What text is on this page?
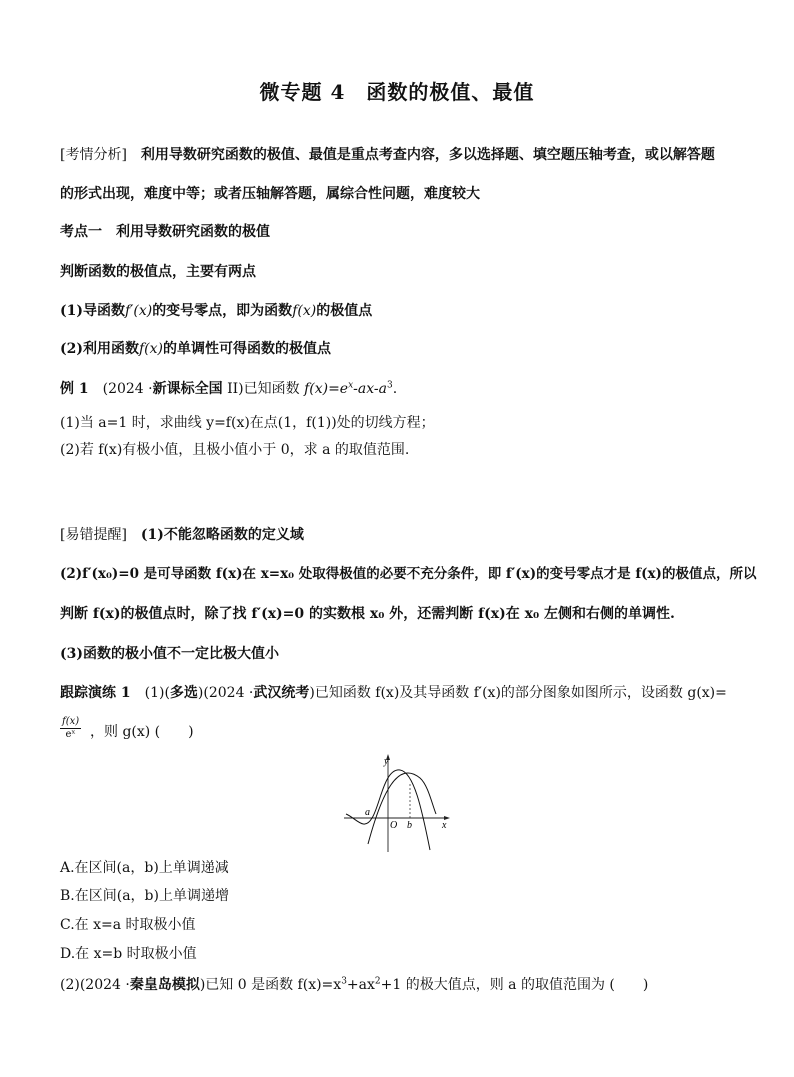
微专题 4　函数的极值、最值
[考情分析]　利用导数研究函数的极值、最值是重点考查内容，多以选择题、填空题压轴考查，或以解答题
的形式出现，难度中等；或者压轴解答题，属综合性问题，难度较大
考点一　利用导数研究函数的极值
判断函数的极值点，主要有两点
(1)导函数f′(x)的变号零点，即为函数f(x)的极值点
(2)利用函数f(x)的单调性可得函数的极值点
例 1　(2024 ·新课标全国 II)已知函数 $f(x)=e^x-ax-a^3$.
(1)当 a=1 时，求曲线 y=f(x)在点(1，f(1))处的切线方程；
(2)若 f(x)有极小值，且极小值小于 0，求 a 的取值范围.
[易错提醒]　(1)不能忽略函数的定义域
(2)f′(x₀)=0 是可导函数 f(x)在 x=x₀ 处取得极值的必要不充分条件，即 f′(x)的变号零点才是 f(x)的极值点，所以
判断 f(x)的极值点时，除了找 f′(x)=0 的实数根 x₀ 外，还需判断 f(x)在 x₀ 左侧和右侧的单调性.
(3)函数的极小值不一定比极大值小
跟踪演练 1　(1)(多选)(2024 ·武汉统考)已知函数 f(x)及其导函数 f′(x)的部分图象如图所示，设函数 g(x)=
$\frac{f(x)}{\text{eˣ}}$ ，则 g(x) (　　)
y
x
O
a
b
A.在区间(a，b)上单调递减
B.在区间(a，b)上单调递增
C.在 x=a 时取极小值
D.在 x=b 时取极小值
(2)(2024 ·秦皇岛模拟)已知 0 是函数 $f(x)=x^3+ax^2+1$ 的极大值点，则 a 的取值范围为 (　　)
